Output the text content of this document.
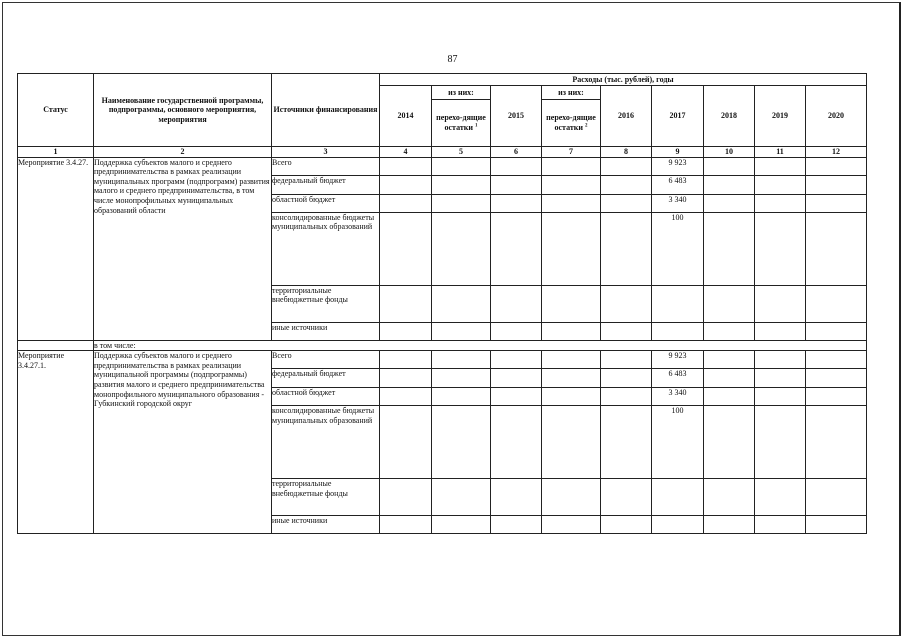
87
Статус	Наименование государственной программы, подпрограммы, основного мероприятия, мероприятия	Источники финансирования	Расходы (тыс. рублей), годы								
			2014	из них:	2015	из них:	2016	2017	2018	2019	2020
				перехо-дящие остатки $^1$		перехо-дящие остатки $^2$
1	2	3	4	5	6	7	8	9	10	11	12
Мероприятие 3.4.27.	Поддержка субъектов малого и среднего предпринимательства в рамках реализации муниципальных программ (подпрограмм) развития малого и среднего предпринимательства, в том числе монопрофильных муниципальных образований области	Всего						9 923			
		федеральный бюджет						6 483			
		областной бюджет						3 340			
		консолидированные бюджеты муниципальных образований						100			
		территориальные внебюджетные фонды									
		иные источники									
	в том числе:										
Мероприятие 3.4.27.1.	Поддержка субъектов малого и среднего предпринимательства в рамках реализации муниципальной программы (подпрограммы) развития малого и среднего предпринимательства монопрофильного муниципального образования - Губкинский городской округ	Всего						9 923			
		федеральный бюджет						6 483			
		областной бюджет						3 340			
		консолидированные бюджеты муниципальных образований						100			
		территориальные внебюджетные фонды									
		иные источники									
